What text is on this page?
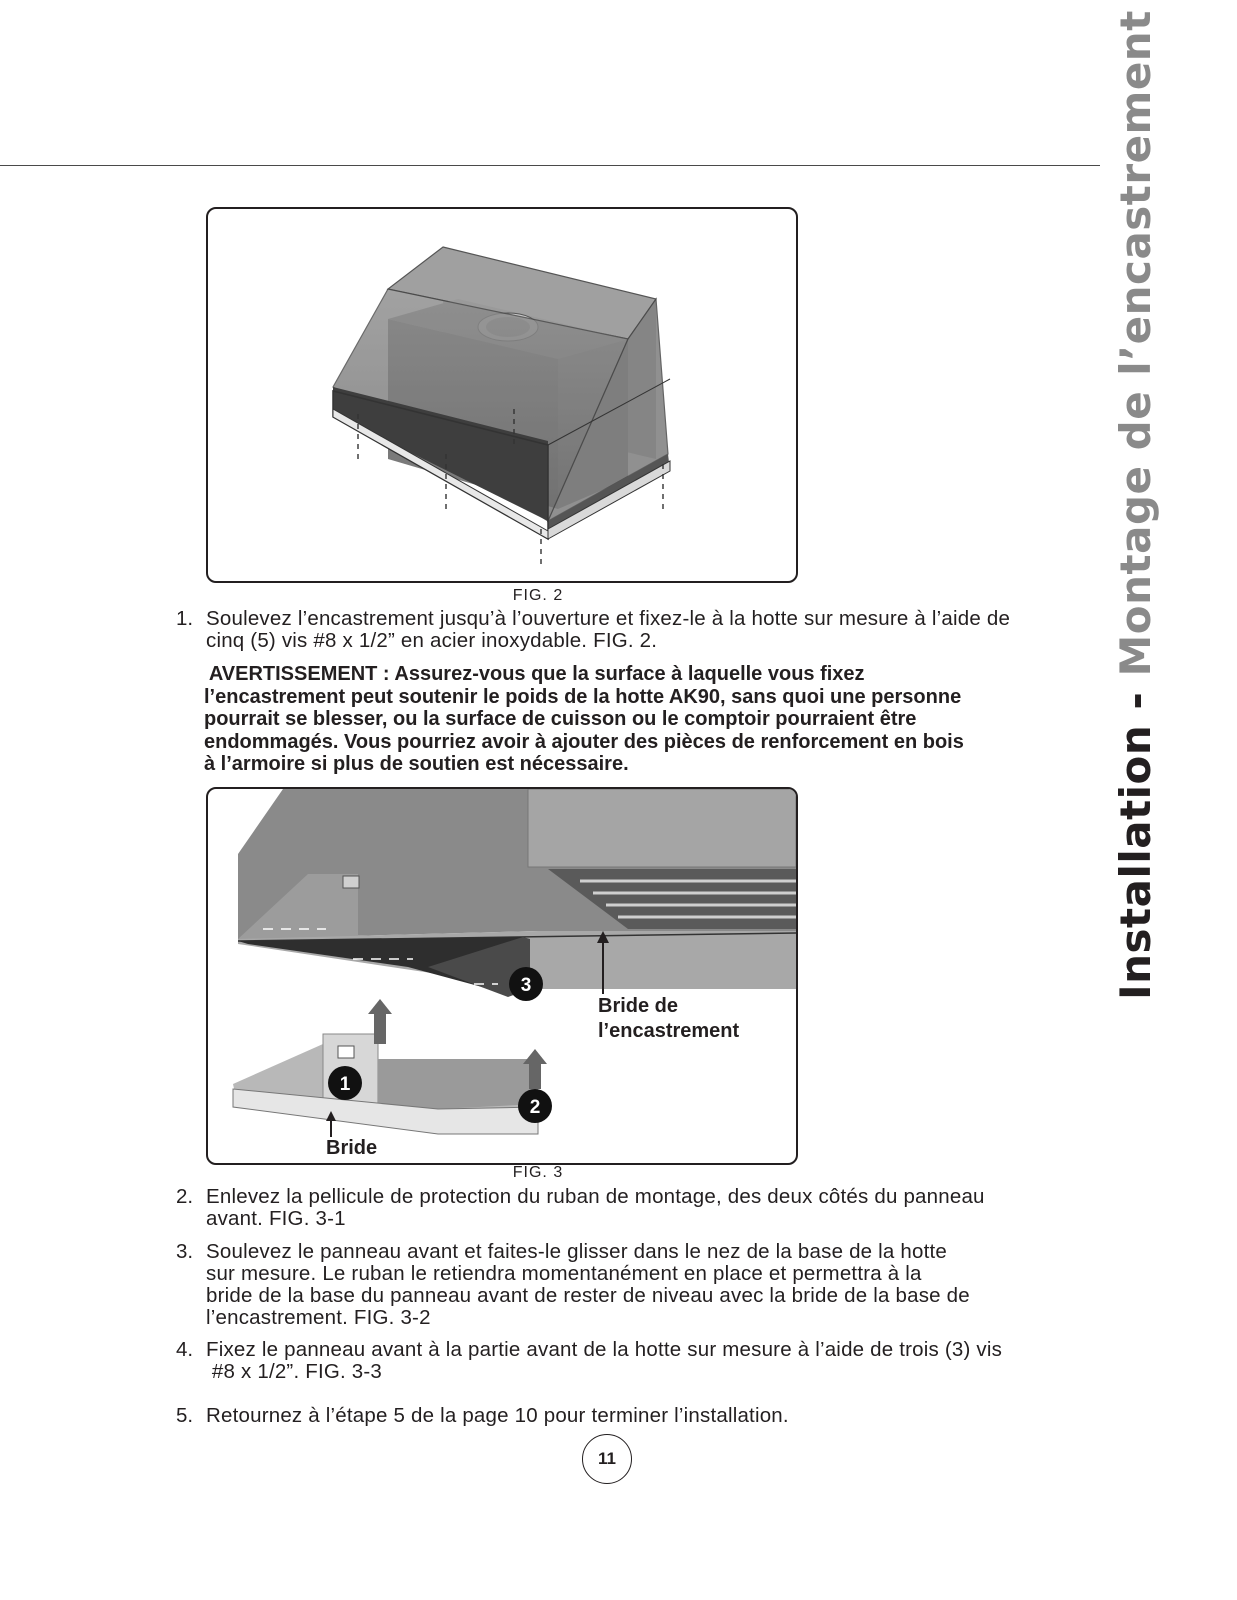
Installation - Montage de l’encastrement
FIG. 2
1. Soulevez l’encastrement jusqu’à l’ouverture et fixez-le à la hotte sur mesure à l’aide de
cinq (5) vis #8 x 1/2” en acier inoxydable. FIG. 2.
AVERTISSEMENT : Assurez-vous que la surface à laquelle vous fixez
l’encastrement peut soutenir le poids de la hotte AK90, sans quoi une personne
pourrait se blesser, ou la surface de cuisson ou le comptoir pourraient être
endommagés. Vous pourriez avoir à ajouter des pièces de renforcement en bois
à l’armoire si plus de soutien est nécessaire.
3
1
2
Bride de
l’encastrement
Bride
FIG. 3
2. Enlevez la pellicule de protection du ruban de montage, des deux côtés du panneau
avant. FIG. 3-1
3. Soulevez le panneau avant et faites-le glisser dans le nez de la base de la hotte
sur mesure. Le ruban le retiendra momentanément en place et permettra à la
bride de la base du panneau avant de rester de niveau avec la bride de la base de
l’encastrement. FIG. 3-2
4. Fixez le panneau avant à la partie avant de la hotte sur mesure à l’aide de trois (3) vis
#8 x 1/2”. FIG. 3-3
5. Retournez à l’étape 5 de la page 10 pour terminer l’installation.
11
